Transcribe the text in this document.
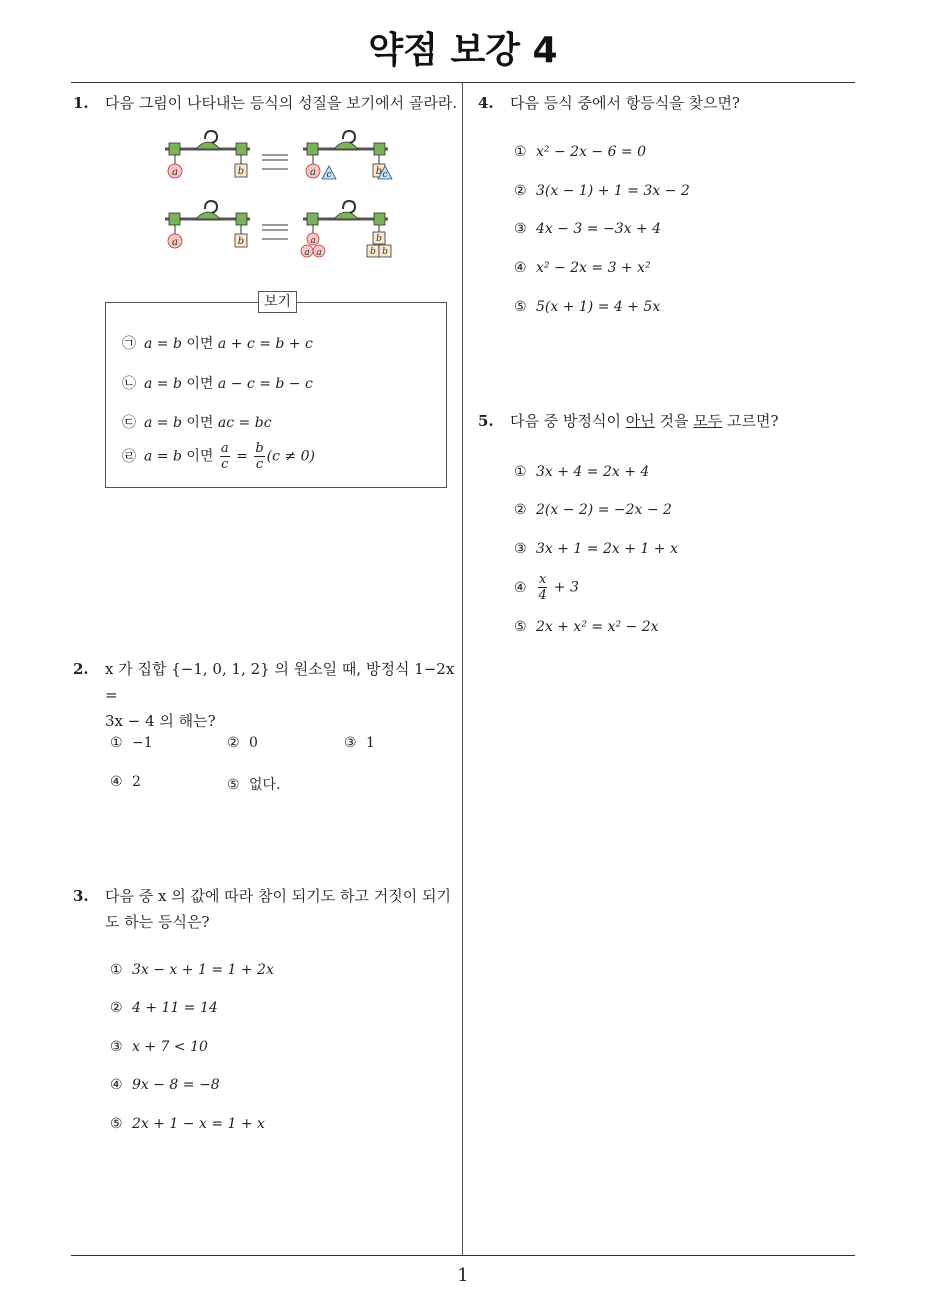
약점 보강 4
1
1. 다음 그림이 나타내는 등식의 성질을 보기에서 골라라.
a	b	a c	b c
a	b	a
a a
b
b b
보기
㉠ a = b 이면 a + c = b + c
㉡ a = b 이면 a − c = b − c
㉢ a = b 이면 ac = bc
㉣ a = b 이면 $\frac{a}{c} = \frac{b}{c} (c \ne 0)$
2. x 가 집합 {−1, 0, 1, 2} 의 원소일 때, 방정식 1−2x =
3x − 4 의 해는?
① −1	② 0	③ 1
④ 2	⑤ 없다.
3. 다음 중 x 의 값에 따라 참이 되기도 하고 거짓이 되기
도 하는 등식은?
① 3x − x + 1 = 1 + 2x
② 4 + 11 = 14
③ x + 7 < 10
④ 9x − 8 = −8
⑤ 2x + 1 − x = 1 + x
4. 다음 등식 중에서 항등식을 찾으면?
① x² − 2x − 6 = 0
② 3(x − 1) + 1 = 3x − 2
③ 4x − 3 = −3x + 4
④ x² − 2x = 3 + x²
⑤ 5(x + 1) = 4 + 5x
5. 다음 중 방정식이 아닌 것을 모두 고르면?
① 3x + 4 = 2x + 4
② 2(x − 2) = −2x − 2
③ 3x + 1 = 2x + 1 + x
④ $\frac{x}{4} + 3$
⑤ 2x + x² = x² − 2x
